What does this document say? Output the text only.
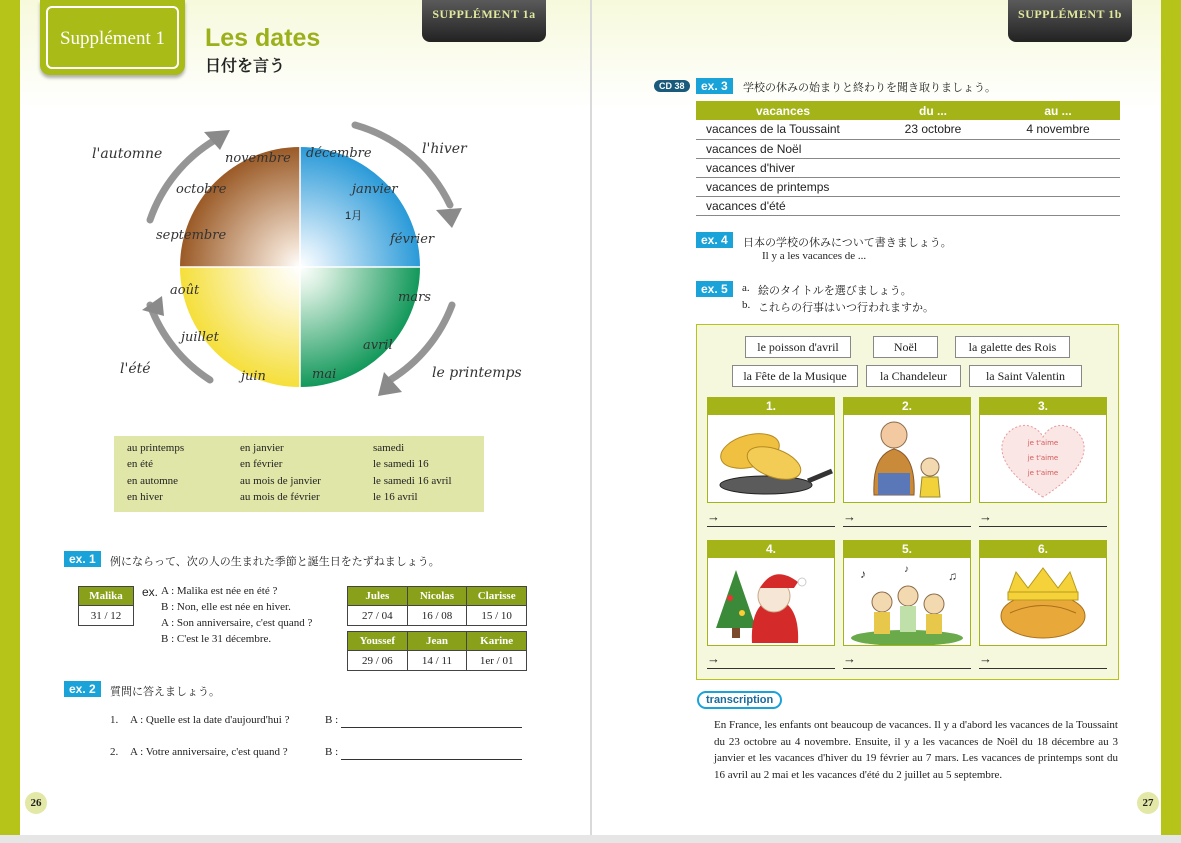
SUPPLÉMENT 1a
Supplément 1	Les dates
日付を言う
l'automne	l'hiver
le printemps
l'été
novembre décembre
octobre	janvier
septembre	février
août	mars
juillet
avril
juin	mai
1月
au printemps	en janvier	samedi
en été	en février	le samedi 16
en automne	au mois de janvier	le samedi 16 avril
en hiver	au mois de février	le 16 avril
ex. 1	例にならって、次の人の生まれた季節と誕生日をたずねましょう。
Malika
31 / 12
ex. A : Malika est née en été ?
B : Non, elle est née en hiver.
A : Son anniversaire, c'est quand ?
B : C'est le 31 décembre.
Jules	Nicolas	Clarisse
27 / 04	16 / 08	15 / 10
Youssef	Jean	Karine
29 / 06	14 / 11	1er / 01
ex. 2	質問に答えましょう。
1. A : Quelle est la date d'aujourd'hui ?	B :
2. A : Votre anniversaire, c'est quand ?	B :
26
SUPPLÉMENT 1b
CD 38	ex. 3	学校の休みの始まりと終わりを聞き取りましょう。
vacances	du ...	au ...
vacances de la Toussaint	23 octobre	4 novembre
vacances de Noël		
vacances d'hiver		
vacances de printemps		
vacances d'été		
ex. 4	日本の学校の休みについて書きましょう。
Il y a les vacances de ...
ex. 5	a. 絵のタイトルを選びましょう。
b. これらの行事はいつ行われますか。
le poisson d'avril	Noël	la galette des Rois
la Fête de la Musique	la Chandeleur	la Saint Valentin
1.
→
2.
→
3.
je t'aime
je t'aime
je t'aime
→
4.
→
5.
♪	♫
♪
→
6.
→
transcription
En France, les enfants ont beaucoup de vacances. Il y a d'abord les vacances de la Toussaint du 23 octobre au 4 novembre. Ensuite, il y a les vacances de Noël du 18 décembre au 3 janvier et les vacances d'hiver du 19 février au 7 mars. Les vacances de printemps sont du 16 avril au 2 mai et les vacances d'été du 2 juillet au 5 septembre.
27
